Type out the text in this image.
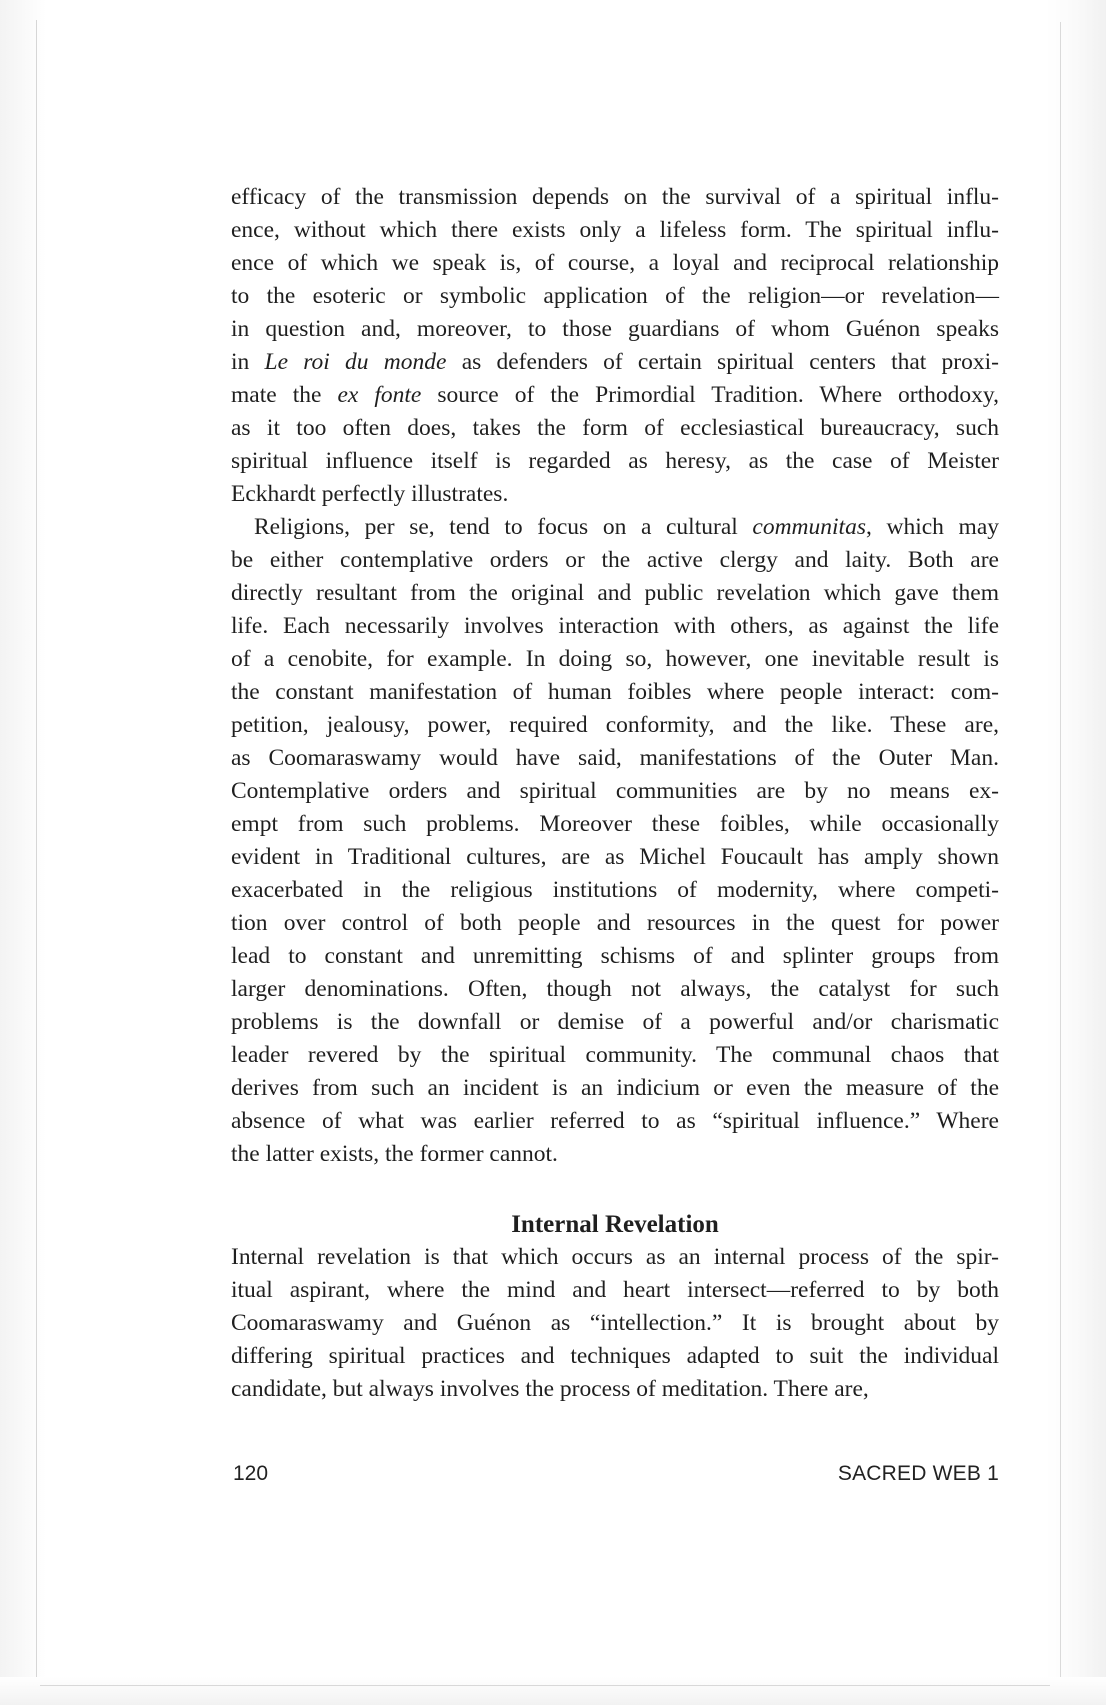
efficacy of the transmission depends on the survival of a spiritual influ-
ence, without which there exists only a lifeless form. The spiritual influ-
ence of which we speak is, of course, a loyal and reciprocal relationship
to the esoteric or symbolic application of the religion—or revelation—
in question and, moreover, to those guardians of whom Guénon speaks
in Le roi du monde as defenders of certain spiritual centers that proxi-
mate the ex fonte source of the Primordial Tradition. Where orthodoxy,
as it too often does, takes the form of ecclesiastical bureaucracy, such
spiritual influence itself is regarded as heresy, as the case of Meister
Eckhardt perfectly illustrates.
Religions, per se, tend to focus on a cultural communitas, which may
be either contemplative orders or the active clergy and laity. Both are
directly resultant from the original and public revelation which gave them
life. Each necessarily involves interaction with others, as against the life
of a cenobite, for example. In doing so, however, one inevitable result is
the constant manifestation of human foibles where people interact: com-
petition, jealousy, power, required conformity, and the like. These are,
as Coomaraswamy would have said, manifestations of the Outer Man.
Contemplative orders and spiritual communities are by no means ex-
empt from such problems. Moreover these foibles, while occasionally
evident in Traditional cultures, are as Michel Foucault has amply shown
exacerbated in the religious institutions of modernity, where competi-
tion over control of both people and resources in the quest for power
lead to constant and unremitting schisms of and splinter groups from
larger denominations. Often, though not always, the catalyst for such
problems is the downfall or demise of a powerful and/or charismatic
leader revered by the spiritual community. The communal chaos that
derives from such an incident is an indicium or even the measure of the
absence of what was earlier referred to as “spiritual influence.” Where
the latter exists, the former cannot.
Internal Revelation
Internal revelation is that which occurs as an internal process of the spir-
itual aspirant, where the mind and heart intersect—referred to by both
Coomaraswamy and Guénon as “intellection.” It is brought about by
differing spiritual practices and techniques adapted to suit the individual
candidate, but always involves the process of meditation. There are,
120	SACRED WEB 1
